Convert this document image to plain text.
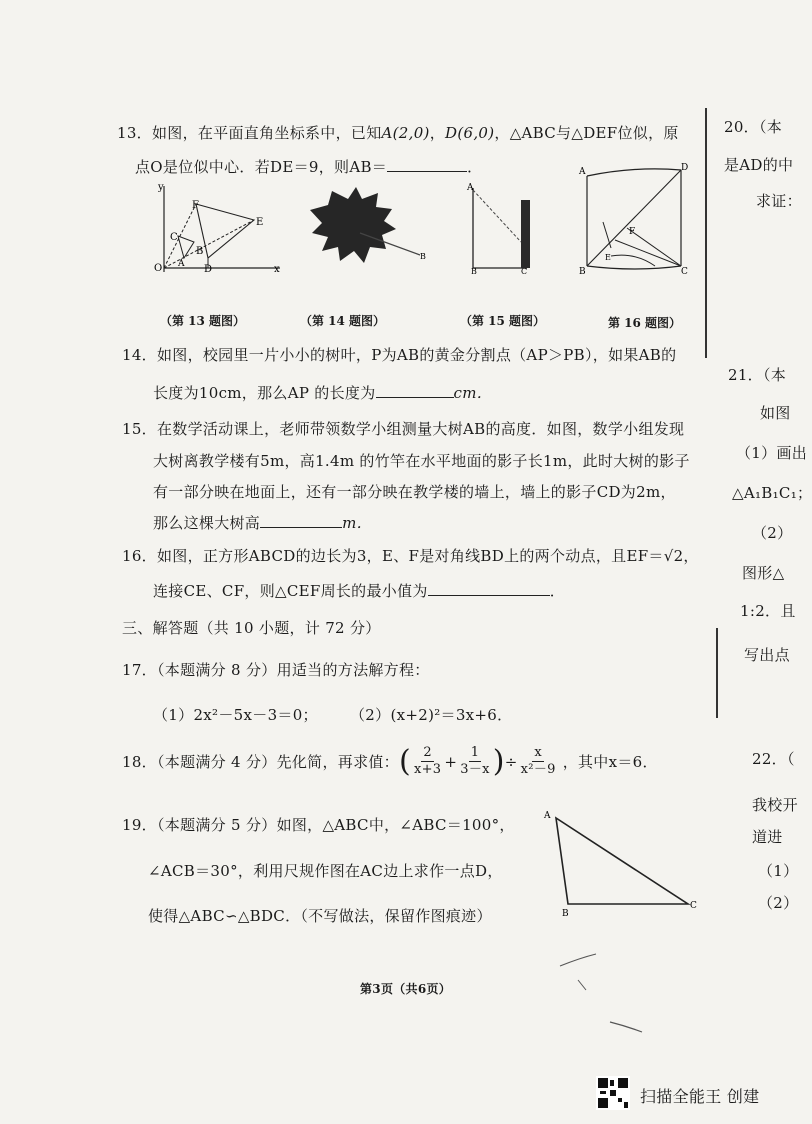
13．如图，在平面直角坐标系中，已知A(2,0)，D(6,0)，△ABC与△DEF位似，原
点O是位似中心．若DE＝9，则AB＝	．
y
F
E
C
A
B
O	D	x
B
A
B	C
A	D
F
E
B	C
（第 13 题图）	（第 14 题图）	（第 15 题图）	第 16 题图）
14．如图，校园里一片小小的树叶，P为AB的黄金分割点（AP＞PB），如果AB的
长度为10cm，那么AP 的长度为	cm．
15．在数学活动课上，老师带领数学小组测量大树AB的高度．如图，数学小组发现
大树离教学楼有5m，高1.4m 的竹竿在水平地面的影子长1m，此时大树的影子
有一部分映在地面上，还有一部分映在教学楼的墙上，墙上的影子CD为2m，
那么这棵大树高	m．
16．如图，正方形ABCD的边长为3，E、F是对角线BD上的两个动点，且EF＝√2，
连接CE、CF，则△CEF周长的最小值为	．
三、解答题（共 10 小题，计 72 分）
17．（本题满分 8 分）用适当的方法解方程：
（1）2x²－5x－3＝0； （2）(x+2)²＝3x+6．
18．（本题满分 4 分）先化简，再求值： ( $\frac{2}{x+3} + \frac{1}{3-x}$ ) ÷ $\frac{x}{\text{x²－9}}$ ，其中x＝6．
19．（本题满分 5 分）如图，△ABC中，∠ABC＝100°，
∠ACB＝30°，利用尺规作图在AC边上求作一点D，
使得△ABC∽△BDC．（不写做法，保留作图痕迹）
A
B
C
20．（本
是AD的中
求证：
21．（本
如图
（1）画出
△A₁B₁C₁；
（2）
图形△
1:2．且
写出点
22．（
我校开
道进
（1）
（2）
第3页（共6页）
扫描全能王 创建
